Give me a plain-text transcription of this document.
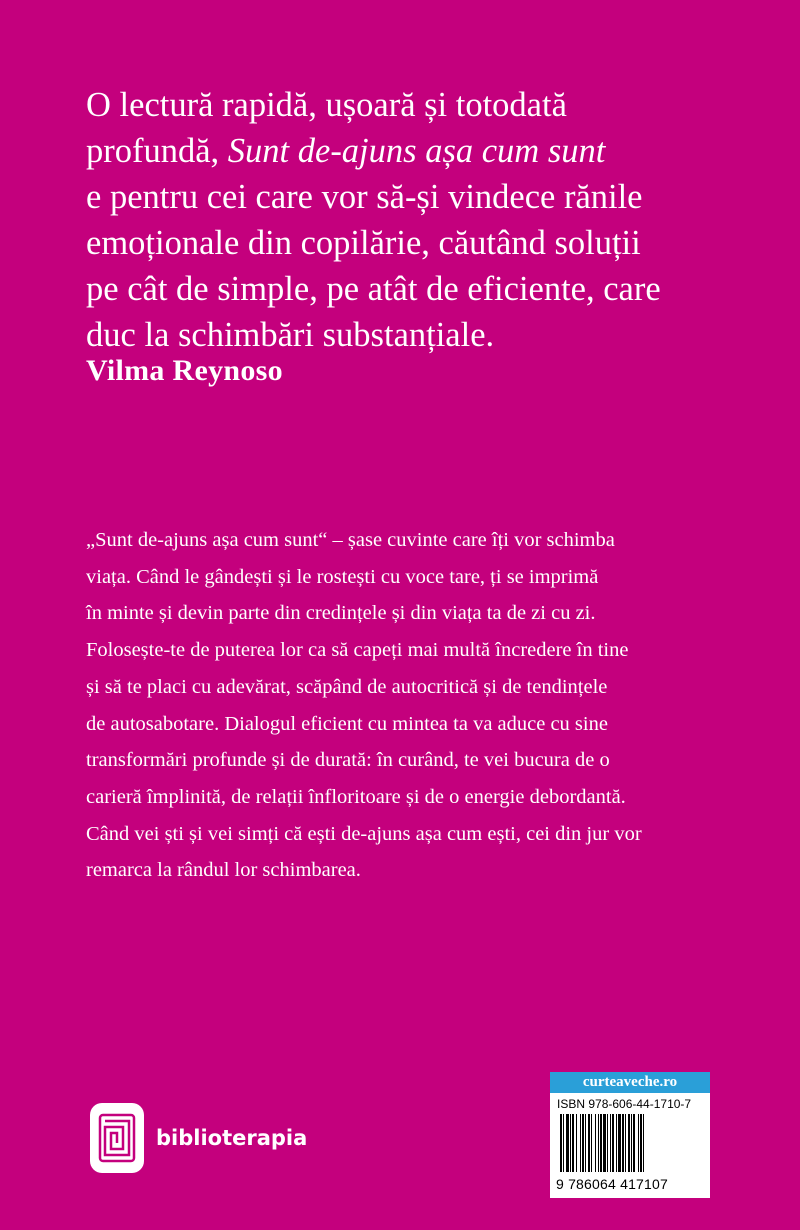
O lectură rapidă, ușoară și totodată

profundă, Sunt de-ajuns așa cum sunt

e pentru cei care vor să-și vindece rănile

emoționale din copilărie, căutând soluții

pe cât de simple, pe atât de eficiente, care

duc la schimbări substanțiale.

Vilma Reynoso
„Sunt de-ajuns așa cum sunt“ – șase cuvinte care îți vor schimba
viața. Când le gândești și le rostești cu voce tare, ți se imprimă
în minte și devin parte din credințele și din viața ta de zi cu zi.
Folosește-te de puterea lor ca să capeți mai multă încredere în tine
și să te placi cu adevărat, scăpând de autocritică și de tendințele
de autosabotare. Dialogul eficient cu mintea ta va aduce cu sine
transformări profunde și de durată: în curând, te vei bucura de o
carieră împlinită, de relații înfloritoare și de o energie debordantă.
Când vei ști și vei simți că ești de-ajuns așa cum ești, cei din jur vor
remarca la rândul lor schimbarea.
biblioterapia
curteaveche.ro
ISBN 978-606-44-1710-7
9 786064 417107
